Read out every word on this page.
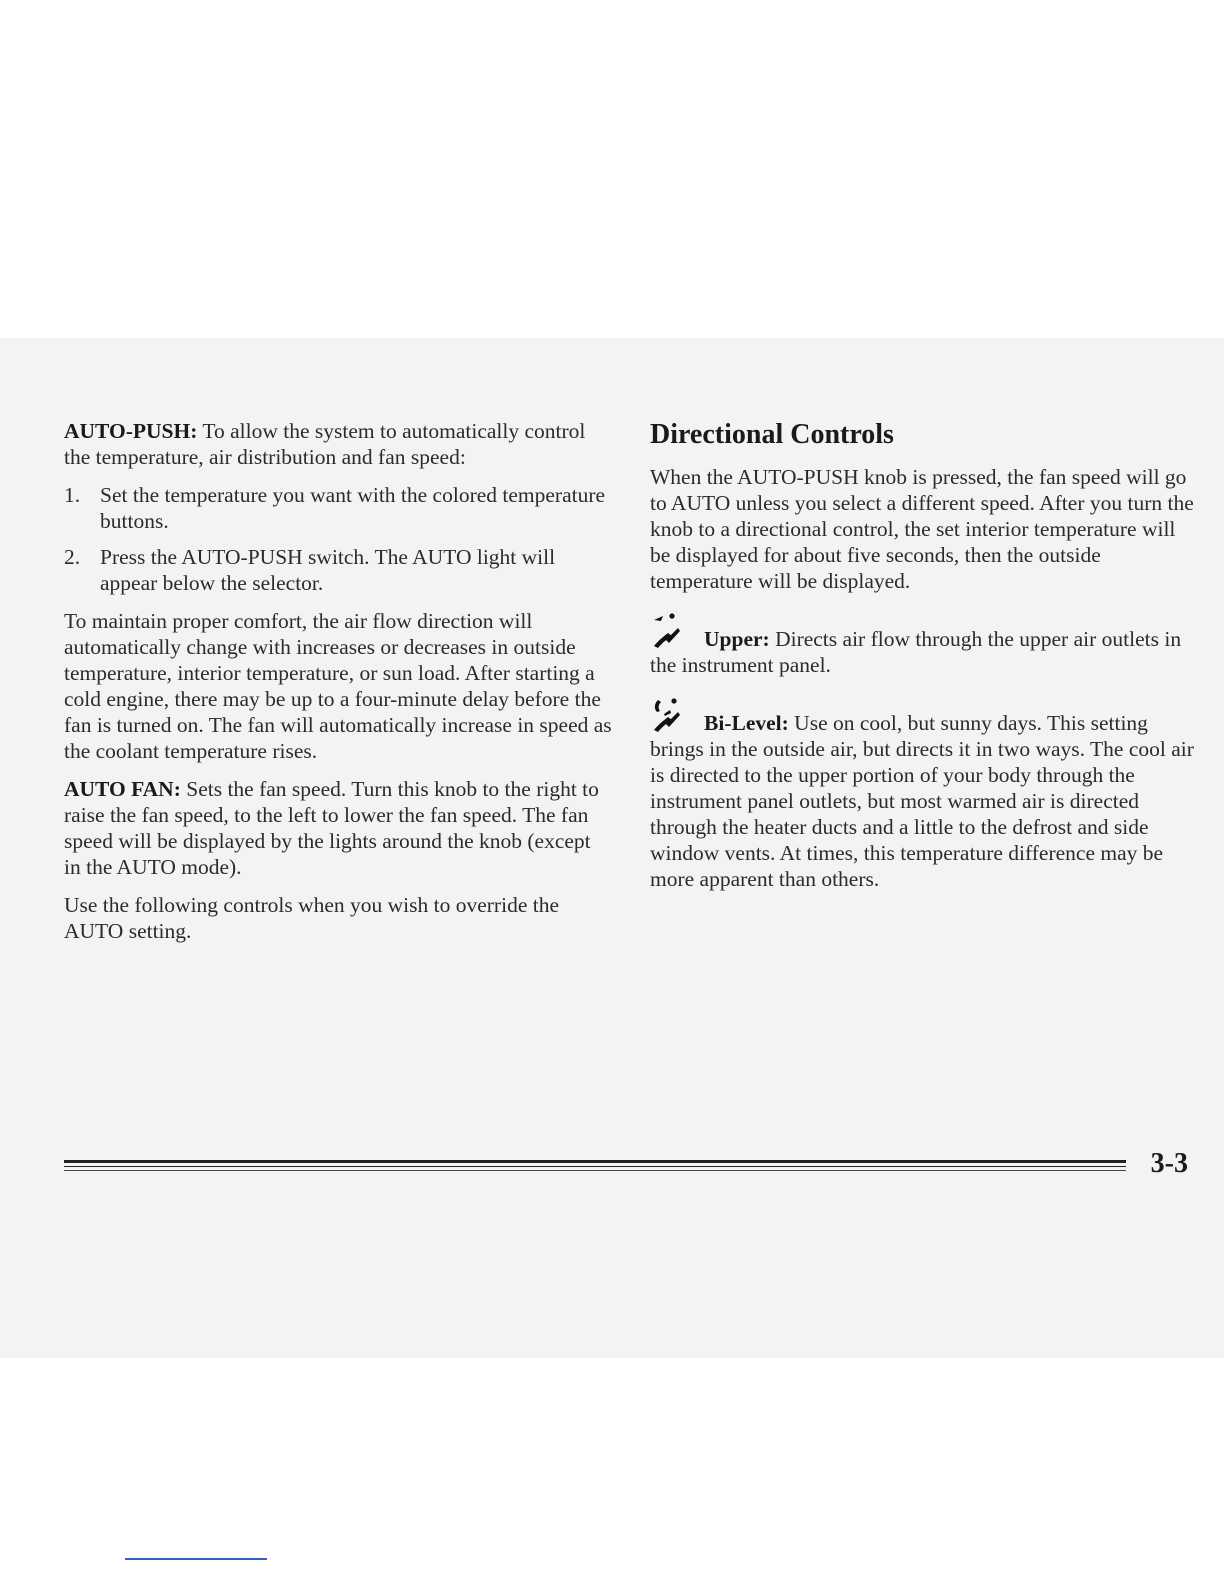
AUTO-PUSH: To allow the system to automatically control the temperature, air distribution and fan speed:

1. Set the temperature you want with the colored temperature buttons.
2. Press the AUTO-PUSH switch. The AUTO light will appear below the selector.

To maintain proper comfort, the air flow direction will automatically change with increases or decreases in outside temperature, interior temperature, or sun load. After starting a cold engine, there may be up to a four-minute delay before the fan is turned on. The fan will automatically increase in speed as the coolant temperature rises.

AUTO FAN: Sets the fan speed. Turn this knob to the right to raise the fan speed, to the left to lower the fan speed. The fan speed will be displayed by the lights around the knob (except in the AUTO mode).

Use the following controls when you wish to override the AUTO setting.

Directional Controls

When the AUTO-PUSH knob is pressed, the fan speed will go to AUTO unless you select a different speed. After you turn the knob to a directional control, the set interior temperature will be displayed for about five seconds, then the outside temperature will be displayed.

Upper: Directs air flow through the upper air outlets in the instrument panel.

Bi-Level: Use on cool, but sunny days. This setting brings in the outside air, but directs it in two ways. The cool air is directed to the upper portion of your body through the instrument panel outlets, but most warmed air is directed through the heater ducts and a little to the defrost and side window vents. At times, this temperature difference may be more apparent than others.

3-3
